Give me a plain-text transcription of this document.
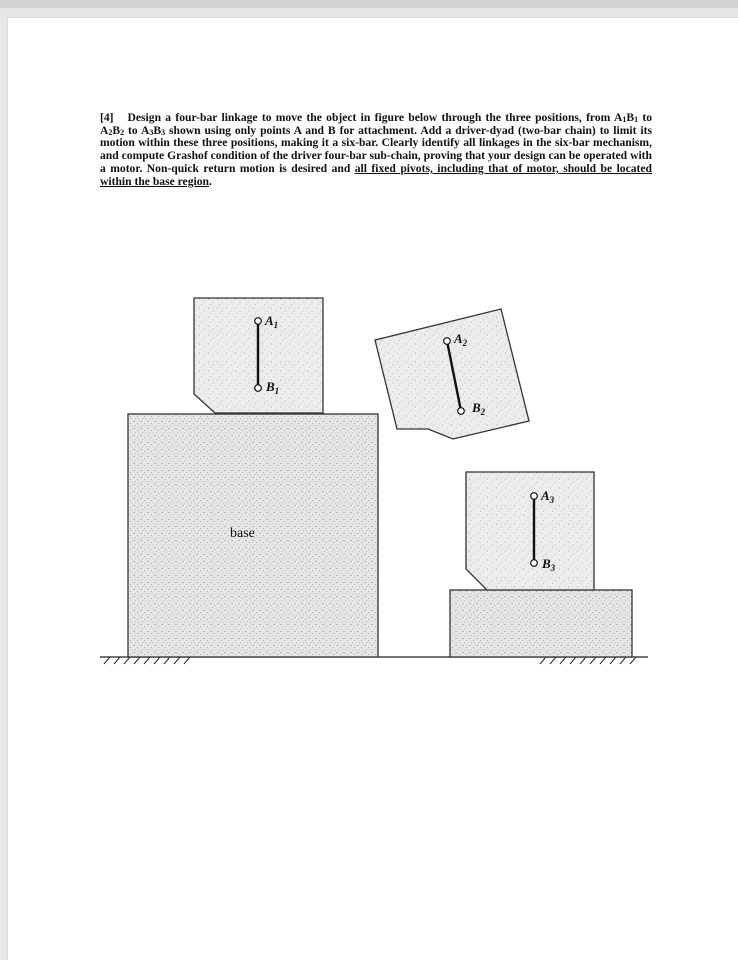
[4] Design a four-bar linkage to move the object in figure below through the three positions, from $A_1B_1$ to $A_2B_2$ to $A_3B_3$ shown using only points A and B for attachment. Add a driver-dyad (two-bar chain) to limit its motion within these three positions, making it a six-bar. Clearly identify all linkages in the six-bar mechanism, and compute Grashof condition of the driver four-bar sub-chain, proving that your design can be operated with a motor. Non-quick return motion is desired and all fixed pivots, including that of motor, should be located within the base region.

base
$A_1$
$B_1$
$A_2$
$B_2$
$A_3$
$B_3$
